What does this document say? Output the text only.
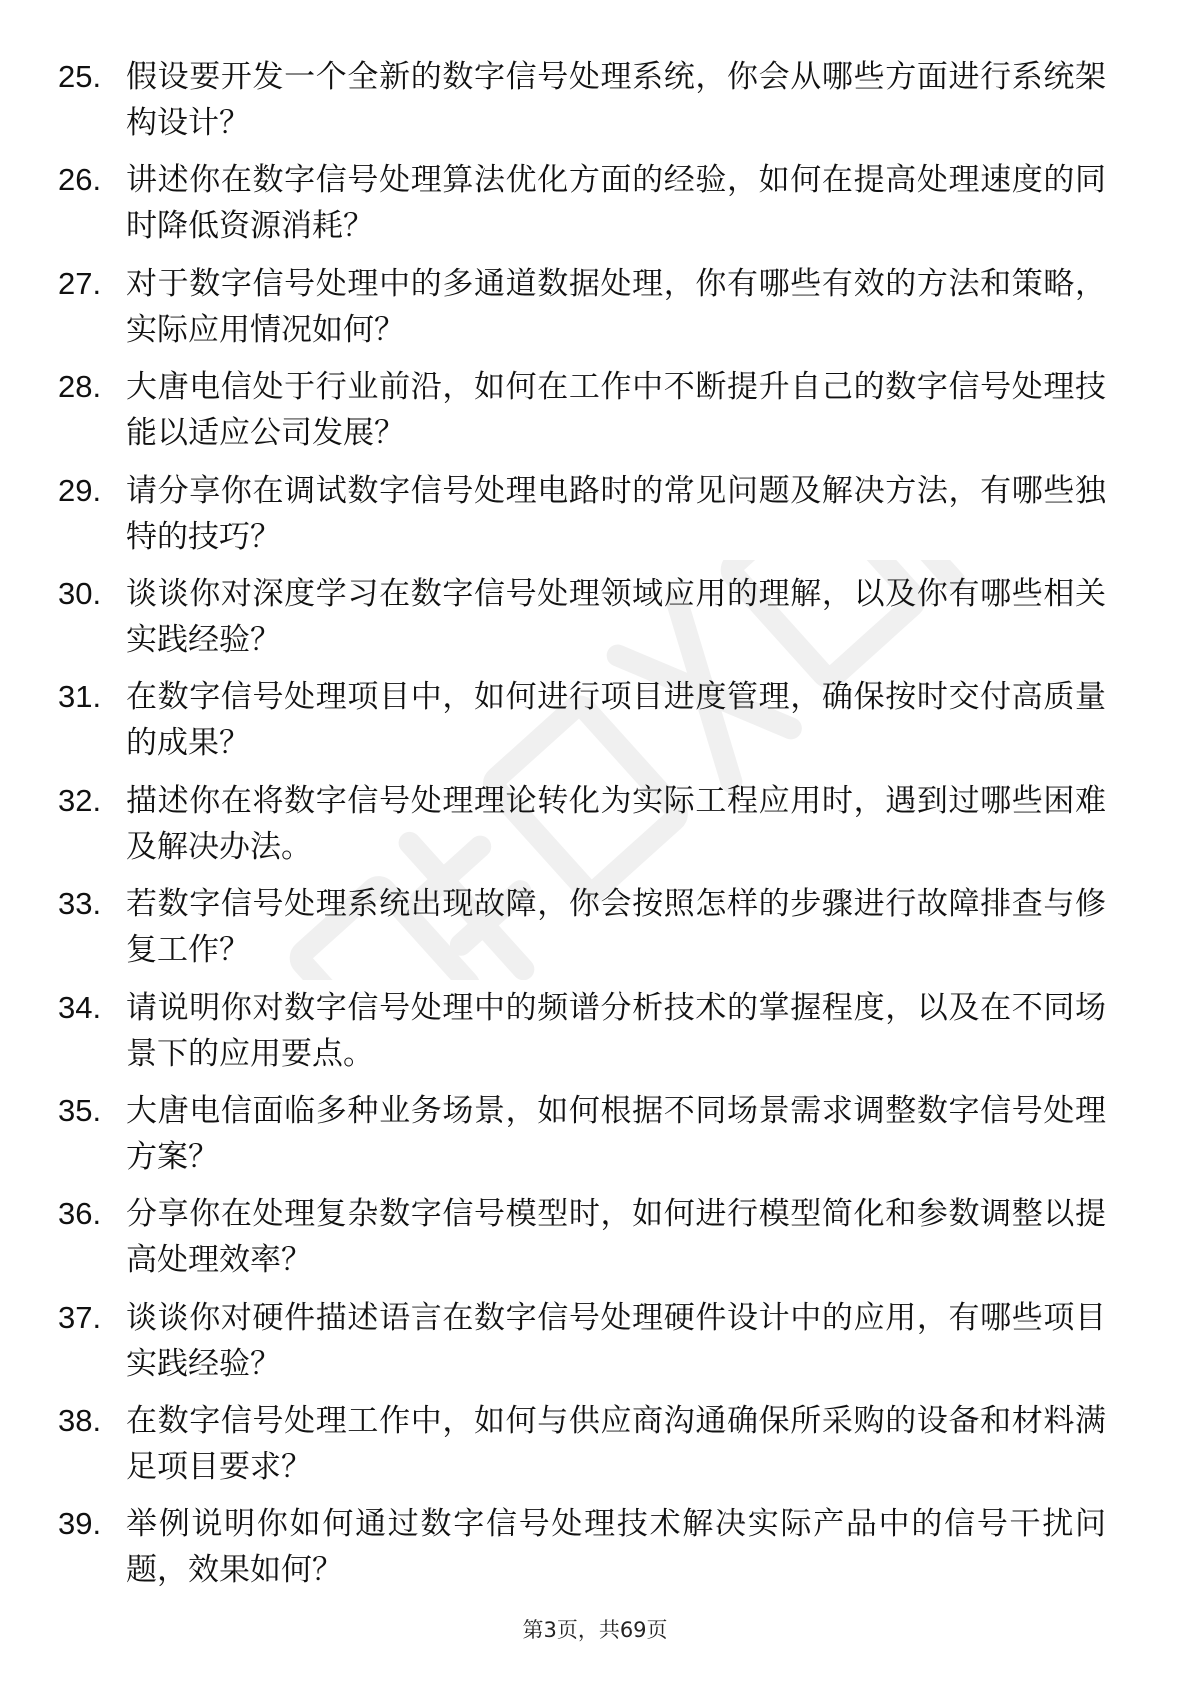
25. 假设要开发一个全新的数字信号处理系统，你会从哪些方面进行系统架构设计？
26. 讲述你在数字信号处理算法优化方面的经验，如何在提高处理速度的同时降低资源消耗？
27. 对于数字信号处理中的多通道数据处理，你有哪些有效的方法和策略，实际应用情况如何？
28. 大唐电信处于行业前沿，如何在工作中不断提升自己的数字信号处理技能以适应公司发展？
29. 请分享你在调试数字信号处理电路时的常见问题及解决方法，有哪些独特的技巧？
30. 谈谈你对深度学习在数字信号处理领域应用的理解，以及你有哪些相关实践经验？
31. 在数字信号处理项目中，如何进行项目进度管理，确保按时交付高质量的成果？
32. 描述你在将数字信号处理理论转化为实际工程应用时，遇到过哪些困难及解决办法。
33. 若数字信号处理系统出现故障，你会按照怎样的步骤进行故障排查与修复工作？
34. 请说明你对数字信号处理中的频谱分析技术的掌握程度，以及在不同场景下的应用要点。
35. 大唐电信面临多种业务场景，如何根据不同场景需求调整数字信号处理方案？
36. 分享你在处理复杂数字信号模型时，如何进行模型简化和参数调整以提高处理效率？
37. 谈谈你对硬件描述语言在数字信号处理硬件设计中的应用，有哪些项目实践经验？
38. 在数字信号处理工作中，如何与供应商沟通确保所采购的设备和材料满足项目要求？
39. 举例说明你如何通过数字信号处理技术解决实际产品中的信号干扰问题，效果如何？
第3页，共69页
